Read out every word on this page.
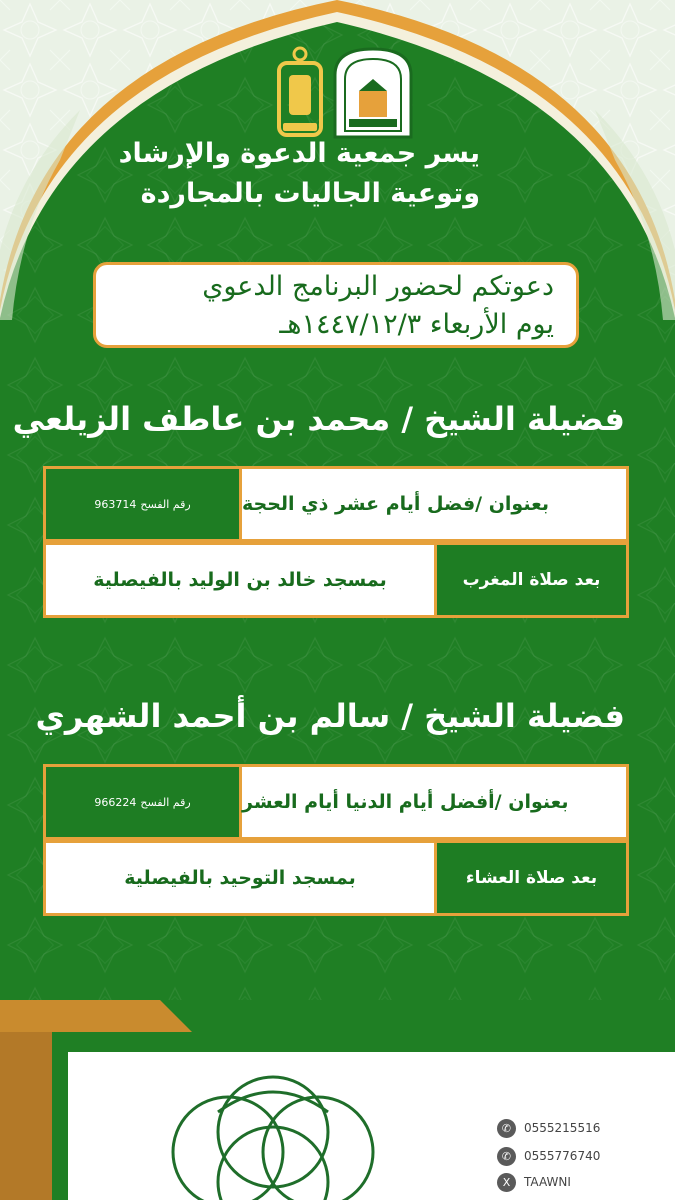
يسر جمعية الدعوة والإرشاد
وتوعية الجاليات بالمجاردة
دعوتكم لحضور البرنامج الدعوي
يوم الأربعاء ١٤٤٧/١٢/٣هـ
فضيلة الشيخ / محمد بن عاطف الزيلعي
963714 رقم الفسح	بعنوان /فضل أيام عشر ذي الحجة
بمسجد خالد بن الوليد بالفيصلية	بعد صلاة المغرب
فضيلة الشيخ / سالم بن أحمد الشهري
966224 رقم الفسح	بعنوان /أفضل أيام الدنيا أيام العشر
بمسجد التوحيد بالفيصلية	بعد صلاة العشاء
✆	0555215516
✆	0555776740
X	TAAWNI
